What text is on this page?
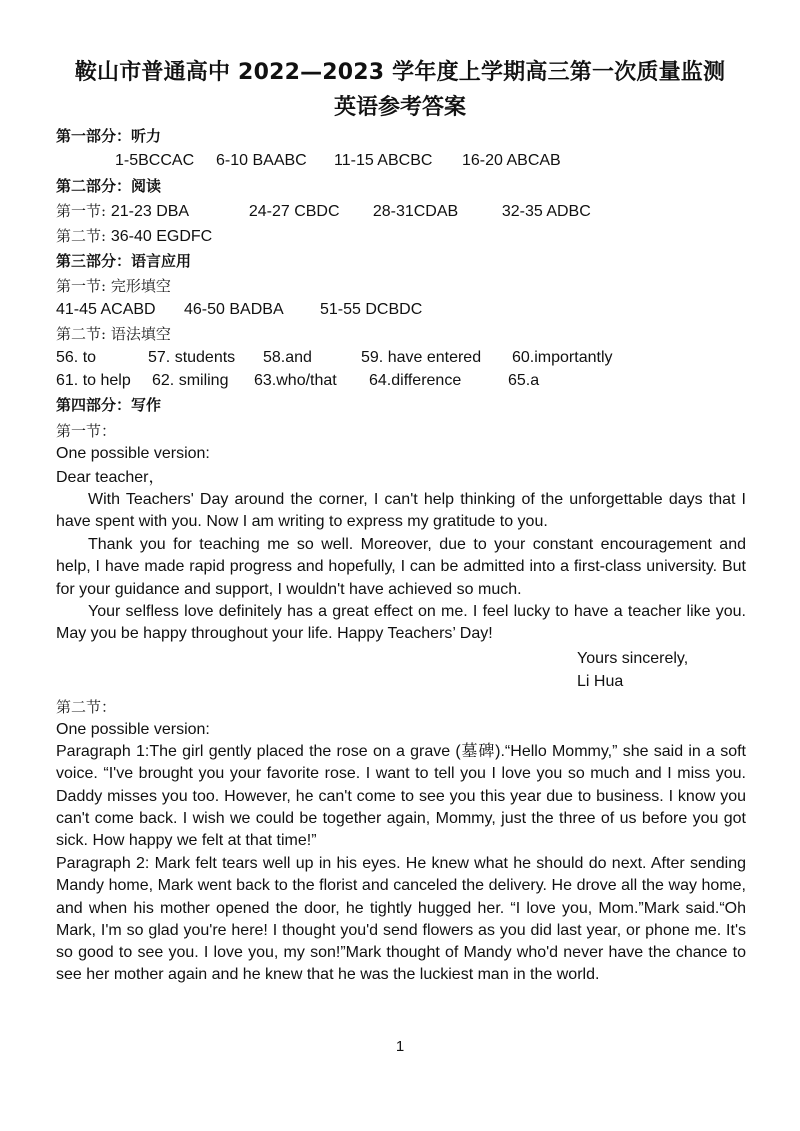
鞍山市普通高中 2022—2023 学年度上学期高三第一次质量监测
英语参考答案
第一部分：听力
1-5BCCAC 6-10 BAABC 11-15 ABCBC 16-20 ABCAB
第二部分：阅读
第一节: 21-23 DBA	24-27 CBDC 28-31CDAB	32-35 ADBC
第二节: 36-40 EGDFC
第三部分：语言应用
第一节: 完形填空
41-45 ACABD 46-50 BADBA 51-55 DCBDC
第二节: 语法填空
56. to	57. students 58.and	59. have entered 60.importantly
61. to help 62. smiling 63.who/that 64.difference	65.a
第四部分：写作
第一节：
One possible version:
Dear teacher，

With Teachers' Day around the corner, I can't help thinking of the unforgettable days that I have spent with you. Now I am writing to express my gratitude to you.

Thank you for teaching me so well. Moreover, due to your constant encouragement and help, I have made rapid progress and hopefully, I can be admitted into a first-class university. But for your guidance and support, I wouldn't have achieved so much.

Your selfless love definitely has a great effect on me. I feel lucky to have a teacher like you. May you be happy throughout your life. Happy Teachers’ Day!

Yours sincerely,
Li Hua
第二节：
One possible version:

Paragraph 1:The girl gently placed the rose on a grave (墓碑).“Hello Mommy,” she said in a soft voice. “I've brought you your favorite rose. I want to tell you I love you so much and I miss you. Daddy misses you too. However, he can't come to see you this year due to business. I know you can't come back. I wish we could be together again, Mommy, just the three of us before you got sick. How happy we felt at that time!”

Paragraph 2: Mark felt tears well up in his eyes. He knew what he should do next. After sending Mandy home, Mark went back to the florist and canceled the delivery. He drove all the way home, and when his mother opened the door, he tightly hugged her. “I love you, Mom.”Mark said.“Oh Mark, I'm so glad you're here! I thought you'd send flowers as you did last year, or phone me. It's so good to see you. I love you, my son!”Mark thought of Mandy who'd never have the chance to see her mother again and he knew that he was the luckiest man in the world.

1
